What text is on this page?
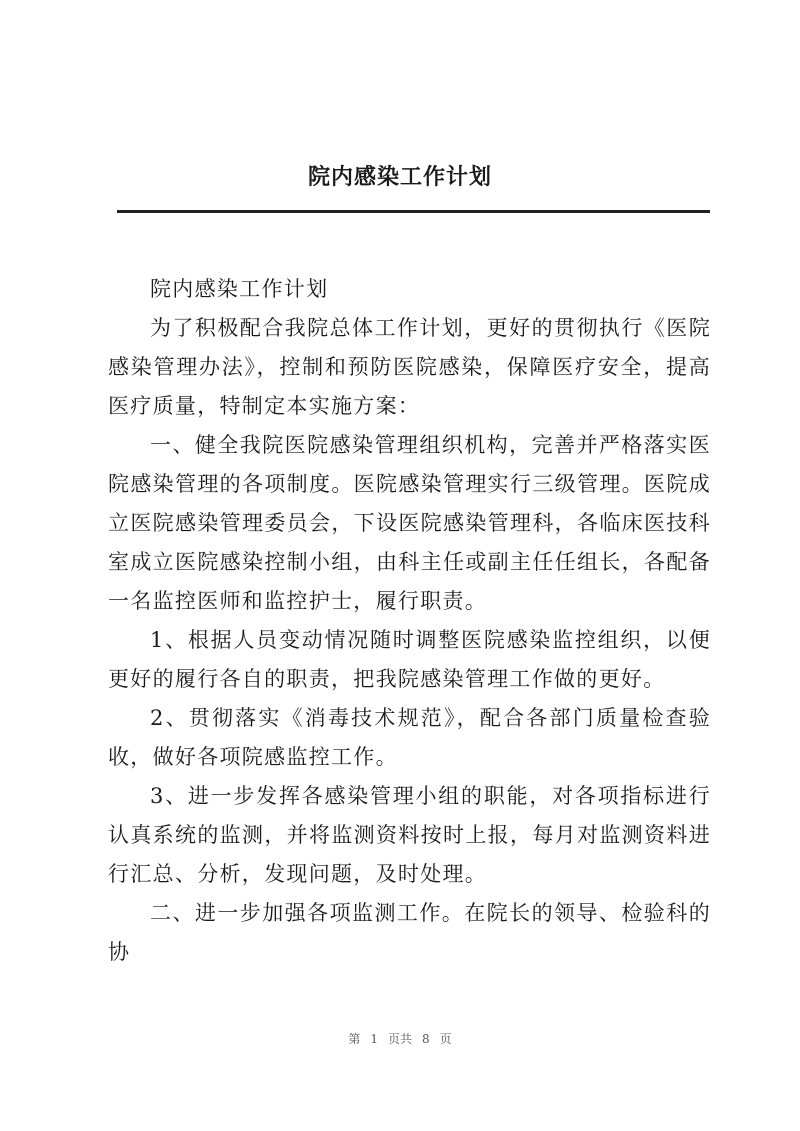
院内感染工作计划

院内感染工作计划

为了积极配合我院总体工作计划，更好的贯彻执行《医院感染管理办法》，控制和预防医院感染，保障医疗安全，提高医疗质量，特制定本实施方案：

一、健全我院医院感染管理组织机构，完善并严格落实医院感染管理的各项制度。医院感染管理实行三级管理。医院成立医院感染管理委员会，下设医院感染管理科，各临床医技科室成立医院感染控制小组，由科主任或副主任任组长，各配备一名监控医师和监控护士，履行职责。

1、根据人员变动情况随时调整医院感染监控组织，以便更好的履行各自的职责，把我院感染管理工作做的更好。

2、贯彻落实《消毒技术规范》，配合各部门质量检查验收，做好各项院感监控工作。

3、进一步发挥各感染管理小组的职能，对各项指标进行认真系统的监测，并将监测资料按时上报，每月对监测资料进行汇总、分析，发现问题，及时处理。

二、进一步加强各项监测工作。在院长的领导、检验科的协

第 1 页共 8 页
